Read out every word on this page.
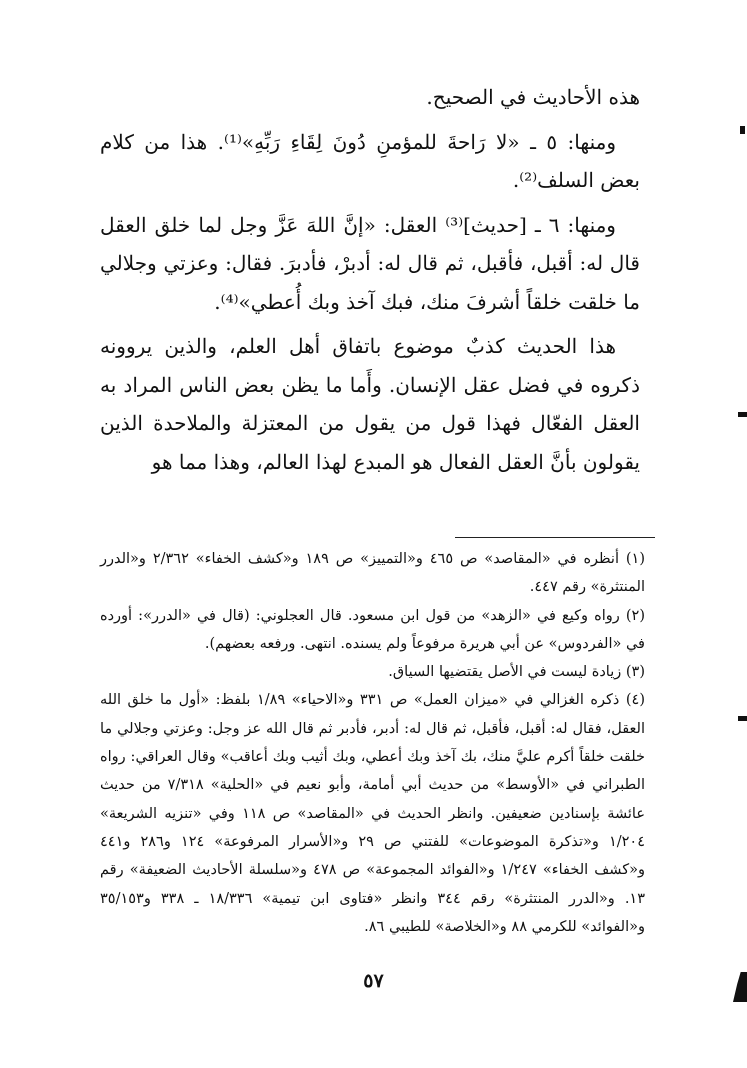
هذه الأحاديث في الصحيح.

ومنها: ٥ ـ «لا رَاحةَ للمؤمنِ دُونَ لِقَاءِ رَبِّهِ»⁽¹⁾. هذا من كلام بعض السلف⁽²⁾.

ومنها: ٦ ـ [حديث]⁽³⁾ العقل: «إنَّ اللهَ عَزَّ وجل لما خلق العقل قال له: أقبل، فأقبل، ثم قال له: أدبرْ، فأدبرَ. فقال: وعزتي وجلالي ما خلقت خلقاً أشرفَ منك، فبك آخذ وبك أُعطي»⁽⁴⁾.

هذا الحديث كذبٌ موضوع باتفاق أهل العلم، والذين يروونه ذكروه في فضل عقل الإنسان. وأَما ما يظن بعض الناس المراد به العقل الفعّال فهذا قول من يقول من المعتزلة والملاحدة الذين يقولون بأنَّ العقل الفعال هو المبدع لهذا العالم، وهذا مما هو

(١) أنظره في «المقاصد» ص ٤٦٥ و«التمييز» ص ١٨٩ و«كشف الخفاء» ٢/٣٦٢ و«الدرر المنتثرة» رقم ٤٤٧.

(٢) رواه وكيع في «الزهد» من قول ابن مسعود. قال العجلوني: (قال في «الدرر»: أورده في «الفردوس» عن أبي هريرة مرفوعاً ولم يسنده. انتهى. ورفعه بعضهم).

(٣) زيادة ليست في الأصل يقتضيها السياق.

(٤) ذكره الغزالي في «ميزان العمل» ص ٣٣١ و«الاحياء» ١/٨٩ بلفظ: «أول ما خلق الله العقل، فقال له: أقبل، فأقبل، ثم قال له: أدبر، فأدبر ثم قال الله عز وجل: وعزتي وجلالي ما خلقت خلقاً أكرم عليَّ منك، بك آخذ وبك أعطي، وبك أثيب وبك أعاقب» وقال العراقي: رواه الطبراني في «الأوسط» من حديث أبي أمامة، وأبو نعيم في «الحلية» ٧/٣١٨ من حديث عائشة بإسنادين ضعيفين. وانظر الحديث في «المقاصد» ص ١١٨ وفي «تنزيه الشريعة» ١/٢٠٤ و«تذكرة الموضوعات» للفتني ص ٢٩ و«الأسرار المرفوعة» ١٢٤ و٢٨٦ و٤٤١ و«كشف الخفاء» ١/٢٤٧ و«الفوائد المجموعة» ص ٤٧٨ و«سلسلة الأحاديث الضعيفة» رقم ١٣. و«الدرر المنتثرة» رقم ٣٤٤ وانظر «فتاوى ابن تيمية» ١٨/٣٣٦ ـ ٣٣٨ و٣٥/١٥٣ و«الفوائد» للكرمي ٨٨ و«الخلاصة» للطيبي ٨٦.

٥٧
